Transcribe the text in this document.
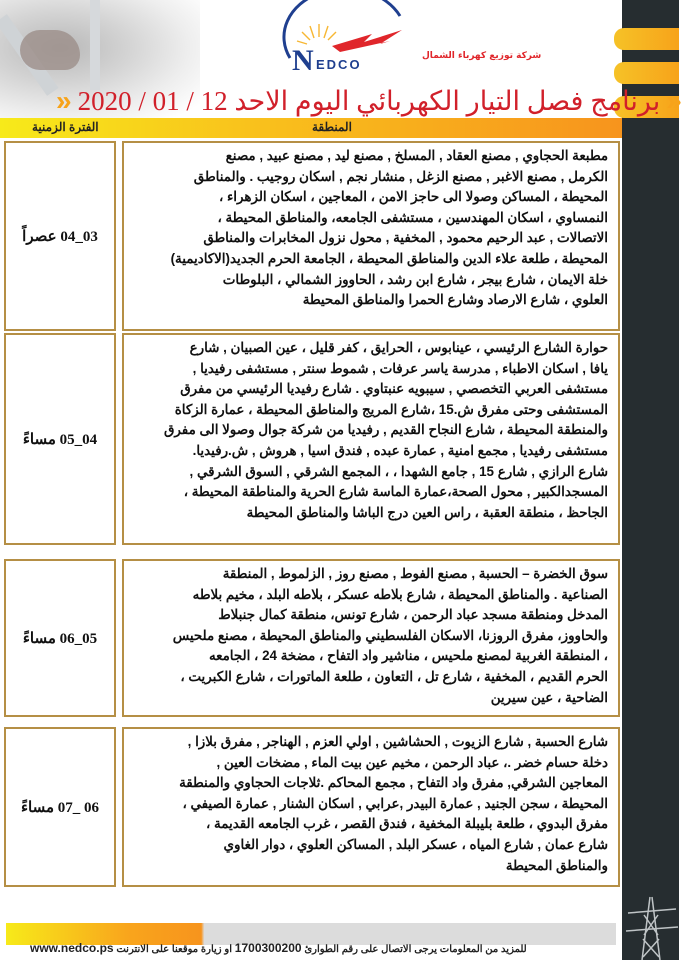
N EDCO
شركة توزيع كهرباء الشمال
«
برنامج فصل التيار الكهربائي اليوم الاحد 12 / 01 / 2020
«
الفترة الزمنية	المنطقة
03_04 عصراً

مطبعة الحجاوي , مصنع العقاد , المسلخ , مصنع ليد , مصنع عبيد , مصنع

الكرمل , مصنع الاغبر , مصنع الزغل , منشار نجم , اسكان روجيب . والمناطق

المحيطة ، المساكن وصولا الى حاجز الامن ، المعاجين ، اسكان الزهراء ،

النمساوي ، اسكان المهندسين ، مستشفى الجامعه، والمناطق المحيطة ،

الاتصالات , عبد الرحيم محمود , المخفية , محول نزول المخابرات والمناطق

المحيطة ، طلعة علاء الدين والمناطق المحيطة ، الجامعة الحرم الجديد(الاكاديمية)

خلة الايمان ، شارع بيجر ، شارع ابن رشد ، الحاووز الشمالي ، البلوطات

العلوي ، شارع الارصاد وشارع الحمرا والمناطق المحيطة

04_05 مساءً

حوارة الشارع الرئيسي ، عينابوس ، الحرايق ، كفر قليل ، عين الصبيان , شارع

يافا , اسكان الاطباء , مدرسة ياسر عرفات , شموط سنتر , مستشفى رفيديا ,

مستشفى العربي التخصصي , سيبويه عنبتاوي . شارع رفيديا الرئيسي من مفرق

المستشفى وحتى مفرق ش.15 ،شارع المريج والمناطق المحيطة ، عمارة الزكاة

والمنطقة المحيطة ، شارع النجاح القديم , رفيديا من شركة جوال وصولا الى مفرق

مستشفى رفيديا , مجمع امنية , عمارة عبده , فندق اسيا , هروش , ش.رفيديا.

شارع الرازي , شارع 15 , جامع الشهدا ، ، المجمع الشرقي , السوق الشرقي ,

المسجدالكبير , محول الصحة،عمارة الماسة شارع الحرية والمناطقة المحيطة ،

الجاحظ ، منطقة العقبة ، راس العين درج الباشا والمناطق المحيطة

05_06 مساءً

سوق الخضرة – الحسبة , مصنع الفوط , مصنع روز , الزلموط , المنطقة

الصناعية . والمناطق المحيطة ، شارع بلاطه عسكر ، بلاطه البلد ، مخيم بلاطه

المدخل ومنطقة مسجد عباد الرحمن ، شارع تونس، منطقة كمال جنبلاط

والحاووز، مفرق الروزنا، الاسكان الفلسطيني والمناطق المحيطة ، مصنع ملحيس

، المنطقة الغربية لمصنع ملحيس ، مناشير واد التفاح ، مضخة 24 ، الجامعه

الحرم القديم ، المخفية ، شارع تل ، التعاون ، طلعة الماتورات ، شارع الكبريت ،

الضاحية ، عين سيرين

06 _07 مساءً

شارع الحسبة , شارع الزيوت , الحشاشين , اولي العزم , الهناجر , مفرق بلازا ,

دخلة حسام خضر .، عباد الرحمن ، مخيم عين بيت الماء , مضخات العين ,

المعاجين الشرقي, مفرق واد التفاح , مجمع المحاكم .ثلاجات الحجاوي والمنطقة

المحيطة ، سجن الجنيد , عمارة البيدر ,عرابي , اسكان الشنار , عمارة الصيفي ،

مفرق البدوي ، طلعة بليبلة المخفية ، فندق القصر ، غرب الجامعه القديمة ،

شارع عمان , شارع المياه ، عسكر البلد , المساكن العلوي ، دوار الغاوي

والمناطق المحيطة

للمزيد من المعلومات يرجى الاتصال على رقم الطوارئ 1700300200 او زيارة موقعنا على الانترنت www.nedco.ps
